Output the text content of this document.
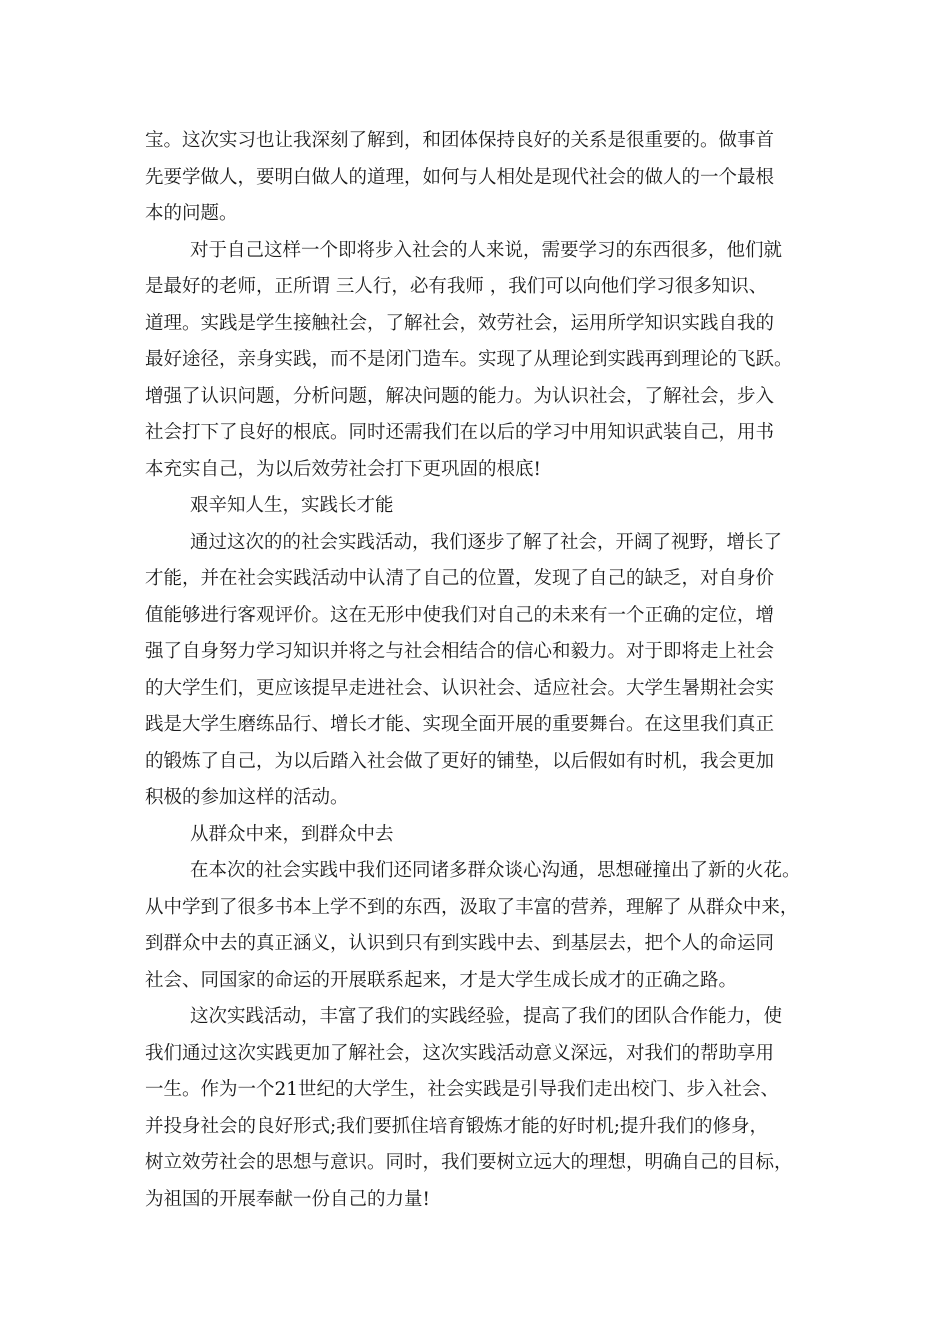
宝。这次实习也让我深刻了解到，和团体保持良好的关系是很重要的。做事首
先要学做人，要明白做人的道理，如何与人相处是现代社会的做人的一个最根
本的问题。
对于自己这样一个即将步入社会的人来说，需要学习的东西很多，他们就
是最好的老师，正所谓 三人行，必有我师 ，我们可以向他们学习很多知识、
道理。实践是学生接触社会，了解社会，效劳社会，运用所学知识实践自我的
最好途径，亲身实践，而不是闭门造车。实现了从理论到实践再到理论的飞跃。
增强了认识问题，分析问题，解决问题的能力。为认识社会，了解社会，步入
社会打下了良好的根底。同时还需我们在以后的学习中用知识武装自己，用书
本充实自己，为以后效劳社会打下更巩固的根底!
艰辛知人生，实践长才能
通过这次的的社会实践活动，我们逐步了解了社会，开阔了视野，增长了
才能，并在社会实践活动中认清了自己的位置，发现了自己的缺乏，对自身价
值能够进行客观评价。这在无形中使我们对自己的未来有一个正确的定位，增
强了自身努力学习知识并将之与社会相结合的信心和毅力。对于即将走上社会
的大学生们，更应该提早走进社会、认识社会、适应社会。大学生暑期社会实
践是大学生磨练品行、增长才能、实现全面开展的重要舞台。在这里我们真正
的锻炼了自己，为以后踏入社会做了更好的铺垫，以后假如有时机，我会更加
积极的参加这样的活动。
从群众中来，到群众中去
在本次的社会实践中我们还同诸多群众谈心沟通，思想碰撞出了新的火花。
从中学到了很多书本上学不到的东西，汲取了丰富的营养，理解了 从群众中来，
到群众中去的真正涵义，认识到只有到实践中去、到基层去，把个人的命运同
社会、同国家的命运的开展联系起来，才是大学生成长成才的正确之路。
这次实践活动，丰富了我们的实践经验，提高了我们的团队合作能力，使
我们通过这次实践更加了解社会，这次实践活动意义深远，对我们的帮助享用
一生。作为一个21世纪的大学生，社会实践是引导我们走出校门、步入社会、
并投身社会的良好形式;我们要抓住培育锻炼才能的好时机;提升我们的修身，
树立效劳社会的思想与意识。同时，我们要树立远大的理想，明确自己的目标，
为祖国的开展奉献一份自己的力量!
